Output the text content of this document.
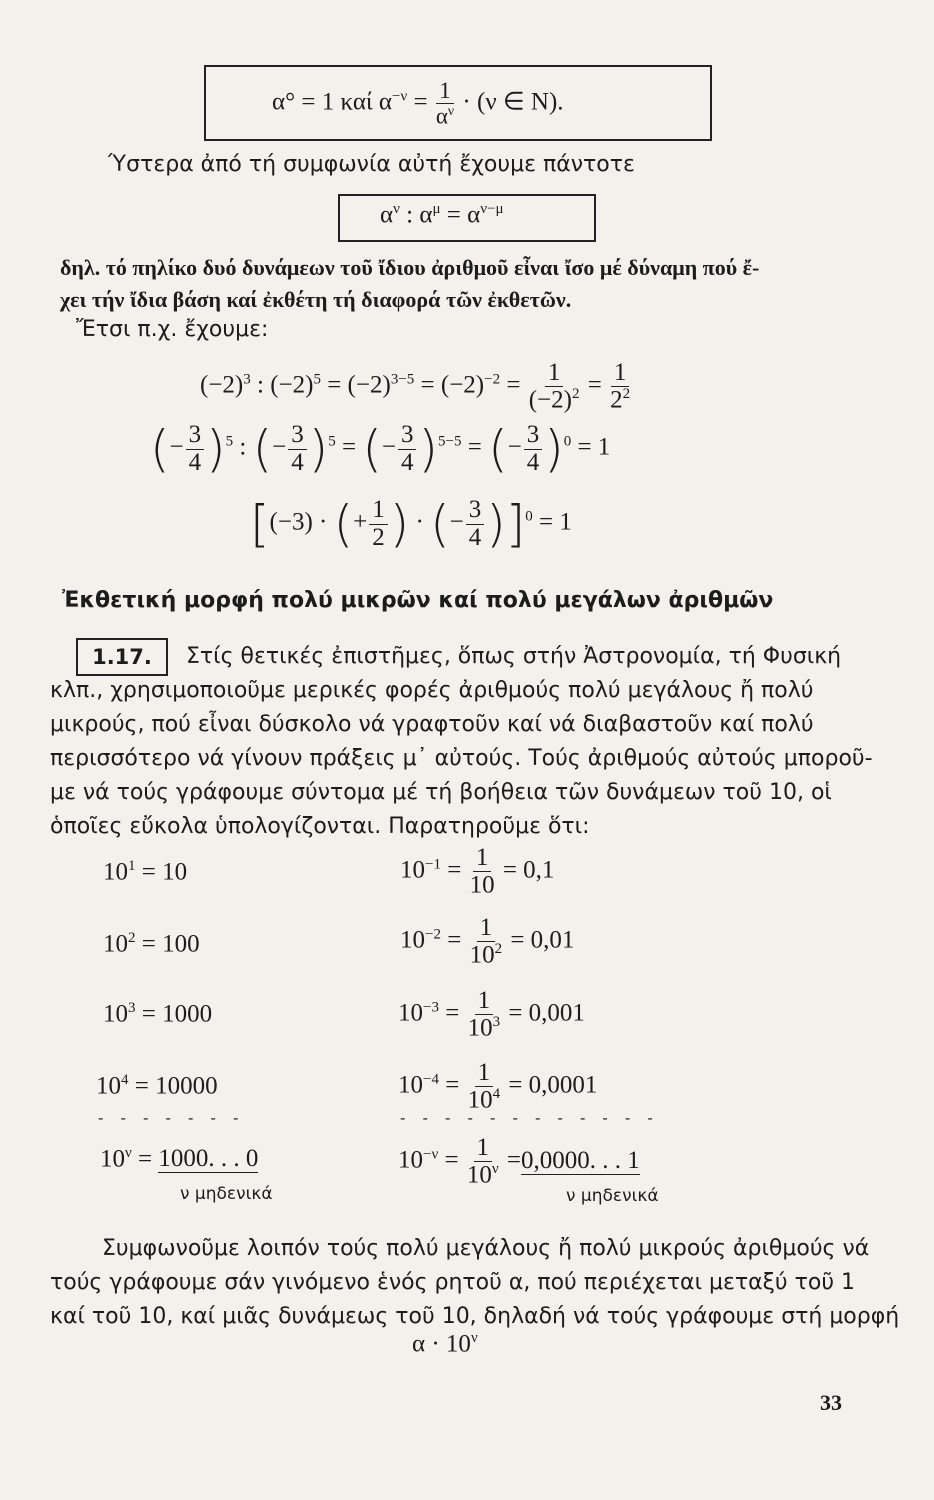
α° = 1 καί $\alpha^{-\nu} = \frac{1}{\alpha^\nu} \cdot (\nu$ ∈ N).
Ύστερα ἀπό τή συμφωνία αὐτή ἔχουμε πάντοτε
$\alpha^\nu$ : $\alpha^\mu = \alpha^{\nu-\mu}$
δηλ. τό πηλίκο δυό δυνάμεων τοῦ ἴδιου ἀριθμοῦ εἶναι ἴσο μέ δύναμη πού ἔ-
χει τήν ἴδια βάση καί ἐκθέτη τή διαφορά τῶν ἐκθετῶν.
Ἔτσι π.χ. ἔχουμε:
$(-2)^3$ : $(-2)^5 = (-2)^{3-5} = (-2)^{-2} = \frac{1}{(-2)^2} = \frac{1}{2^2}$
(− $\frac{3}{4} )^5$ : (− $\frac{3}{4} )^5$ = (− $\frac{3}{4} )^{5-5}$ = (− $\frac{3}{4} )^0 = 1$
[(−3) · (+ $\frac{1}{2}$ ) · (− $\frac{3}{4} )]^0 = 1$
Ἐκθετική μορφή πολύ μικρῶν καί πολύ μεγάλων ἀριθμῶν
1.17.	Στίς θετικές ἐπιστῆμες, ὅπως στήν Ἀστρονομία, τή Φυσική
κλπ., χρησιμοποιοῦμε μερικές φορές ἀριθμούς πολύ μεγάλους ἤ πολύ
μικρούς, πού εἶναι δύσκολο νά γραφτοῦν καί νά διαβαστοῦν καί πολύ
περισσότερο νά γίνουν πράξεις μ᾽ αὐτούς. Τούς ἀριθμούς αὐτούς μποροῦ-
με νά τούς γράφουμε σύντομα μέ τή βοήθεια τῶν δυνάμεων τοῦ 10, οἱ
ὁποῖες εὔκολα ὑπολογίζονται. Παρατηροῦμε ὅτι:
$10^1 = 10$
$10^2 = 100$
$10^3 = 1000$
$10^4 = 10000$
$10^{-1} = \frac{1}{10} = 0,1$
$10^{-2} = \frac{1}{10^2} = 0,01$
$10^{-3} = \frac{1}{10^3} = 0,001$
$10^{-4} = \frac{1}{10^4} = 0,0001$
- - - - - - -	- - - - - - - - - - - -
$10^\nu = 1000$. . . 0
ν μηδενικά
$10^{-\nu} = \frac{1}{10^\nu} =0,0000$. . . 1
ν μηδενικά
Συμφωνοῦμε λοιπόν τούς πολύ μεγάλους ἤ πολύ μικρούς ἀριθμούς νά
τούς γράφουμε σάν γινόμενο ἑνός ρητοῦ α, πού περιέχεται μεταξύ τοῦ 1
καί τοῦ 10, καί μιᾶς δυνάμεως τοῦ 10, δηλαδή νά τούς γράφουμε στή μορφή
$\alpha \cdot 10^\nu$
33
